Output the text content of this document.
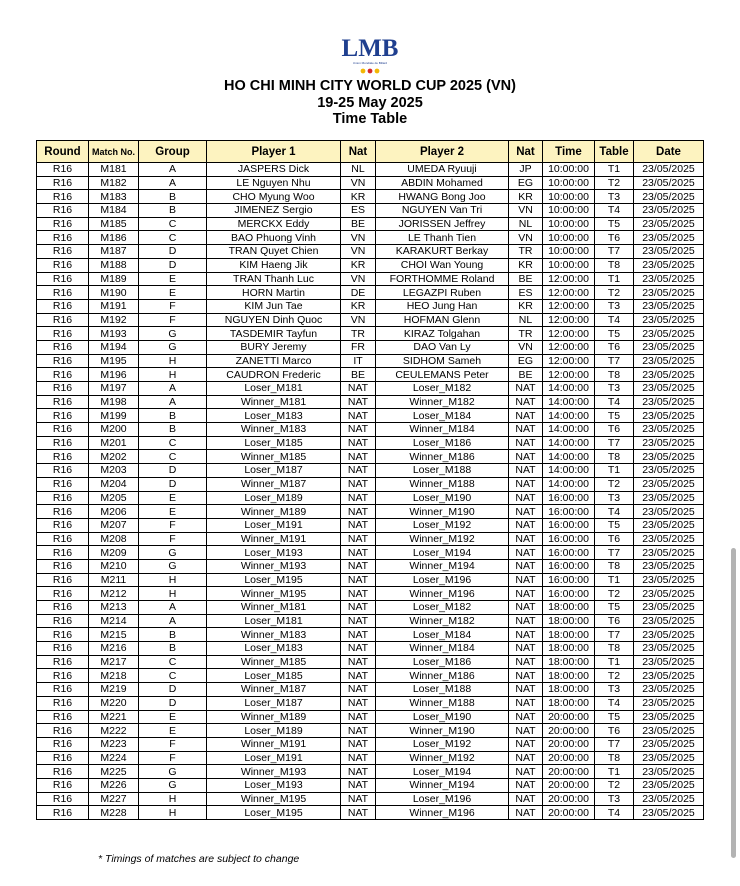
LMB
Union Mondiale de Billard
HO CHI MINH CITY WORLD CUP 2025 (VN)
19-25 May 2025
Time Table
Round	Match No.	Group	Player 1	Nat	Player 2	Nat	Time	Table	Date
R16	M181	A	JASPERS Dick	NL	UMEDA Ryuuji	JP	10:00:00	T1	23/05/2025
R16	M182	A	LE Nguyen Nhu	VN	ABDIN Mohamed	EG	10:00:00	T2	23/05/2025
R16	M183	B	CHO Myung Woo	KR	HWANG Bong Joo	KR	10:00:00	T3	23/05/2025
R16	M184	B	JIMENEZ Sergio	ES	NGUYEN Van Tri	VN	10:00:00	T4	23/05/2025
R16	M185	C	MERCKX Eddy	BE	JORISSEN Jeffrey	NL	10:00:00	T5	23/05/2025
R16	M186	C	BAO Phuong Vinh	VN	LE Thanh Tien	VN	10:00:00	T6	23/05/2025
R16	M187	D	TRAN Quyet Chien	VN	KARAKURT Berkay	TR	10:00:00	T7	23/05/2025
R16	M188	D	KIM Haeng Jik	KR	CHOI Wan Young	KR	10:00:00	T8	23/05/2025
R16	M189	E	TRAN Thanh Luc	VN	FORTHOMME Roland	BE	12:00:00	T1	23/05/2025
R16	M190	E	HORN Martin	DE	LEGAZPI Ruben	ES	12:00:00	T2	23/05/2025
R16	M191	F	KIM Jun Tae	KR	HEO Jung Han	KR	12:00:00	T3	23/05/2025
R16	M192	F	NGUYEN Dinh Quoc	VN	HOFMAN Glenn	NL	12:00:00	T4	23/05/2025
R16	M193	G	TASDEMIR Tayfun	TR	KIRAZ Tolgahan	TR	12:00:00	T5	23/05/2025
R16	M194	G	BURY Jeremy	FR	DAO Van Ly	VN	12:00:00	T6	23/05/2025
R16	M195	H	ZANETTI Marco	IT	SIDHOM Sameh	EG	12:00:00	T7	23/05/2025
R16	M196	H	CAUDRON Frederic	BE	CEULEMANS Peter	BE	12:00:00	T8	23/05/2025
R16	M197	A	Loser_M181	NAT	Loser_M182	NAT	14:00:00	T3	23/05/2025
R16	M198	A	Winner_M181	NAT	Winner_M182	NAT	14:00:00	T4	23/05/2025
R16	M199	B	Loser_M183	NAT	Loser_M184	NAT	14:00:00	T5	23/05/2025
R16	M200	B	Winner_M183	NAT	Winner_M184	NAT	14:00:00	T6	23/05/2025
R16	M201	C	Loser_M185	NAT	Loser_M186	NAT	14:00:00	T7	23/05/2025
R16	M202	C	Winner_M185	NAT	Winner_M186	NAT	14:00:00	T8	23/05/2025
R16	M203	D	Loser_M187	NAT	Loser_M188	NAT	14:00:00	T1	23/05/2025
R16	M204	D	Winner_M187	NAT	Winner_M188	NAT	14:00:00	T2	23/05/2025
R16	M205	E	Loser_M189	NAT	Loser_M190	NAT	16:00:00	T3	23/05/2025
R16	M206	E	Winner_M189	NAT	Winner_M190	NAT	16:00:00	T4	23/05/2025
R16	M207	F	Loser_M191	NAT	Loser_M192	NAT	16:00:00	T5	23/05/2025
R16	M208	F	Winner_M191	NAT	Winner_M192	NAT	16:00:00	T6	23/05/2025
R16	M209	G	Loser_M193	NAT	Loser_M194	NAT	16:00:00	T7	23/05/2025
R16	M210	G	Winner_M193	NAT	Winner_M194	NAT	16:00:00	T8	23/05/2025
R16	M211	H	Loser_M195	NAT	Loser_M196	NAT	16:00:00	T1	23/05/2025
R16	M212	H	Winner_M195	NAT	Winner_M196	NAT	16:00:00	T2	23/05/2025
R16	M213	A	Winner_M181	NAT	Loser_M182	NAT	18:00:00	T5	23/05/2025
R16	M214	A	Loser_M181	NAT	Winner_M182	NAT	18:00:00	T6	23/05/2025
R16	M215	B	Winner_M183	NAT	Loser_M184	NAT	18:00:00	T7	23/05/2025
R16	M216	B	Loser_M183	NAT	Winner_M184	NAT	18:00:00	T8	23/05/2025
R16	M217	C	Winner_M185	NAT	Loser_M186	NAT	18:00:00	T1	23/05/2025
R16	M218	C	Loser_M185	NAT	Winner_M186	NAT	18:00:00	T2	23/05/2025
R16	M219	D	Winner_M187	NAT	Loser_M188	NAT	18:00:00	T3	23/05/2025
R16	M220	D	Loser_M187	NAT	Winner_M188	NAT	18:00:00	T4	23/05/2025
R16	M221	E	Winner_M189	NAT	Loser_M190	NAT	20:00:00	T5	23/05/2025
R16	M222	E	Loser_M189	NAT	Winner_M190	NAT	20:00:00	T6	23/05/2025
R16	M223	F	Winner_M191	NAT	Loser_M192	NAT	20:00:00	T7	23/05/2025
R16	M224	F	Loser_M191	NAT	Winner_M192	NAT	20:00:00	T8	23/05/2025
R16	M225	G	Winner_M193	NAT	Loser_M194	NAT	20:00:00	T1	23/05/2025
R16	M226	G	Loser_M193	NAT	Winner_M194	NAT	20:00:00	T2	23/05/2025
R16	M227	H	Winner_M195	NAT	Loser_M196	NAT	20:00:00	T3	23/05/2025
R16	M228	H	Loser_M195	NAT	Winner_M196	NAT	20:00:00	T4	23/05/2025
* Timings of matches are subject to change
